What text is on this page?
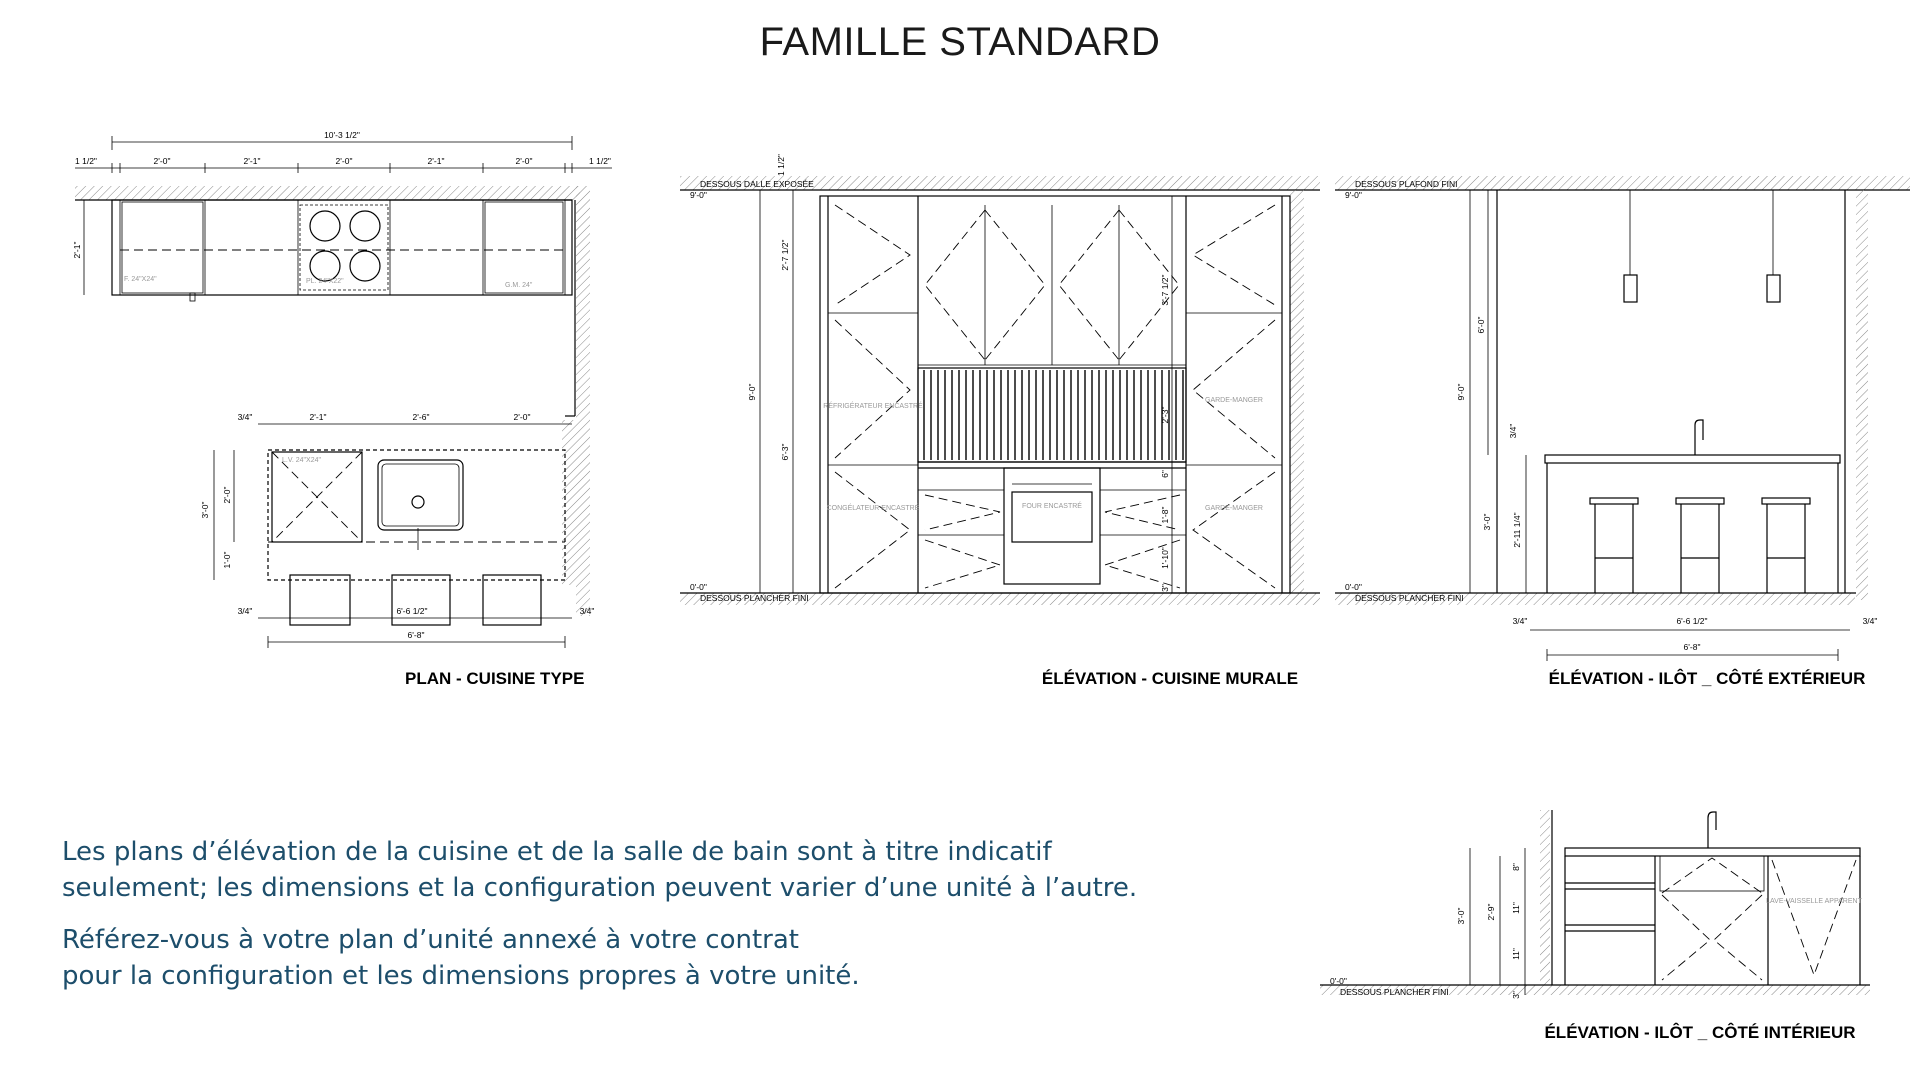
FAMILLE STANDARD
10'-3 1/2"
1 1/2"	2'-0"	2'-1"	2'-0"	2'-1"	2'-0"	1 1/2"
F. 24"X24"	PL. 24"X22"
G.M. 24"
2'-1"
L.V. 24"X24"
3/4"	2'-1"	2'-6"	2'-0"
3'-0"
2'-0"
1'-0"
3/4"	6'-6 1/2"	3/4"
6'-8"
PLAN - CUISINE TYPE
DESSOUS DALLE EXPOSÉE
9'-0"
DESSOUS PLANCHER FINI
0'-0"
FOUR ENCASTRÉ
RÉFRIGÉRATEUR ENCASTRÉ
CONGÉLATEUR ENCASTRÉ
GARDE-MANGER
GARDE-MANGER
1 1/2"
2'-7 1/2"
9'-0"
6'-3"
3'-7 1/2"
2'-3"
6"
1'-8"
1'-10"
3"
ÉLÉVATION - CUISINE MURALE
DESSOUS PLAFOND FINI
9'-0"
DESSOUS PLANCHER FINI
0'-0"
9'-0"
6'-0"
3/4"
3'-0" 2'-11 1/4"
3/4"	6'-6 1/2"	3/4"
6'-8"
ÉLÉVATION - ILÔT _ CÔTÉ EXTÉRIEUR
0'-0"
DESSOUS PLANCHER FINI
LAVE-VAISSELLE APPARENT
3'-0" 2'-9"
8"
11"
11"
3"
ÉLÉVATION - ILÔT _ CÔTÉ INTÉRIEUR

Les plans d’élévation de la cuisine et de la salle de bain sont à titre indicatif
seulement; les dimensions et la configuration peuvent varier d’une unité à l’autre.

Référez-vous à votre plan d’unité annexé à votre contrat
pour la configuration et les dimensions propres à votre unité.
